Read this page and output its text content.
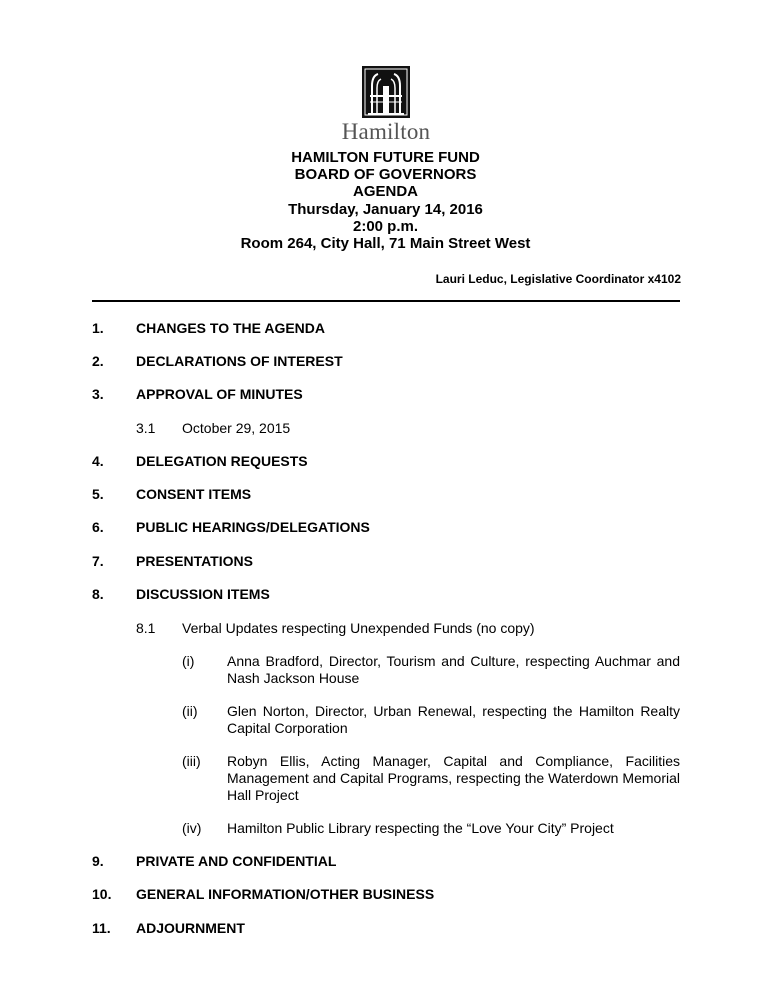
Hamilton
HAMILTON FUTURE FUND
BOARD OF GOVERNORS
AGENDA
Thursday, January 14, 2016
2:00 p.m.
Room 264, City Hall, 71 Main Street West
Lauri Leduc, Legislative Coordinator x4102
1. CHANGES TO THE AGENDA
2. DECLARATIONS OF INTEREST
3. APPROVAL OF MINUTES
3.1 October 29, 2015
4. DELEGATION REQUESTS
5. CONSENT ITEMS
6. PUBLIC HEARINGS/DELEGATIONS
7. PRESENTATIONS
8. DISCUSSION ITEMS
8.1 Verbal Updates respecting Unexpended Funds (no copy)
(i)	Anna Bradford, Director, Tourism and Culture, respecting Auchmar and Nash Jackson House
(ii)	Glen Norton, Director, Urban Renewal, respecting the Hamilton Realty Capital Corporation
(iii)	Robyn Ellis, Acting Manager, Capital and Compliance, Facilities Management and Capital Programs, respecting the Waterdown Memorial Hall Project
(iv)	Hamilton Public Library respecting the “Love Your City” Project
9. PRIVATE AND CONFIDENTIAL
10. GENERAL INFORMATION/OTHER BUSINESS
11. ADJOURNMENT
